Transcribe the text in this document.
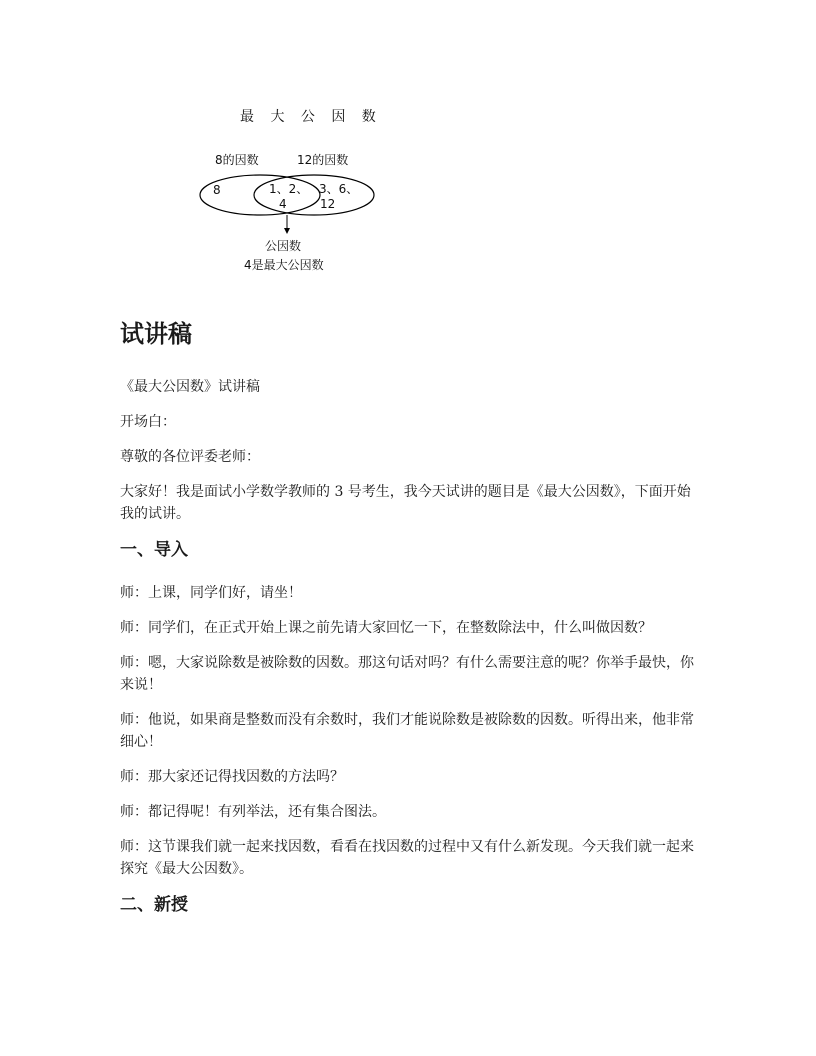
最 大 公 因 数
8的因数	12的因数
8	1、2、
4
3、6、
12
公因数
4是最大公因数
试讲稿

《最大公因数》试讲稿

开场白：

尊敬的各位评委老师：

大家好！我是面试小学数学教师的 3 号考生，我今天试讲的题目是《最大公因数》，下面开始我的试讲。

一、导入

师：上课，同学们好，请坐！

师：同学们，在正式开始上课之前先请大家回忆一下，在整数除法中，什么叫做因数？

师：嗯，大家说除数是被除数的因数。那这句话对吗？有什么需要注意的呢？你举手最快，你来说！

师：他说，如果商是整数而没有余数时，我们才能说除数是被除数的因数。听得出来，他非常细心！

师：那大家还记得找因数的方法吗？

师：都记得呢！有列举法，还有集合图法。

师：这节课我们就一起来找因数，看看在找因数的过程中又有什么新发现。今天我们就一起来探究《最大公因数》。

二、新授
